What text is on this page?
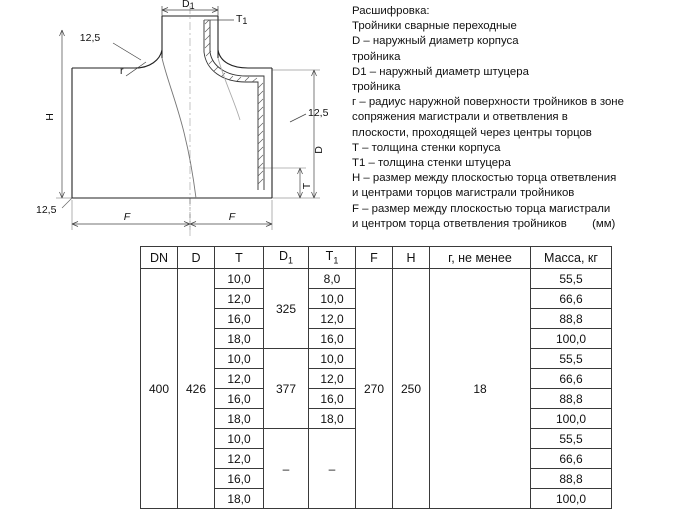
D1
T1
12,5
r
H
D
T
12,5
12,5
F	F
Расшифровка:
Тройники сварные переходные
D – наружный диаметр корпуса
тройника
D1 – наружный диаметр штуцера
тройника
г – радиус наружной поверхности тройников в зоне
сопряжения магистрали и ответвления в
плоскости, проходящей через центры торцов
Т – толщина стенки корпуса
Т1 – толщина стенки штуцера
Н – размер между плоскостью торца ответвления
и центрами торцов магистрали тройников
F – размер между плоскостью торца магистрали
и центром торца ответвления тройников        (мм)
DN	D	T	$D_1$	$T_1$	F	H	г, не менее	Масса, кг
400	426	10,0	325	8,0	270	250	18	55,5
		12,0		10,0				66,6
		16,0		12,0				88,8
		18,0		16,0				100,0
		10,0	377	10,0				55,5
		12,0		12,0				66,6
		16,0		16,0				88,8
		18,0		18,0				100,0
		10,0	–	–				55,5
		12,0						66,6
		16,0						88,8
		18,0						100,0
